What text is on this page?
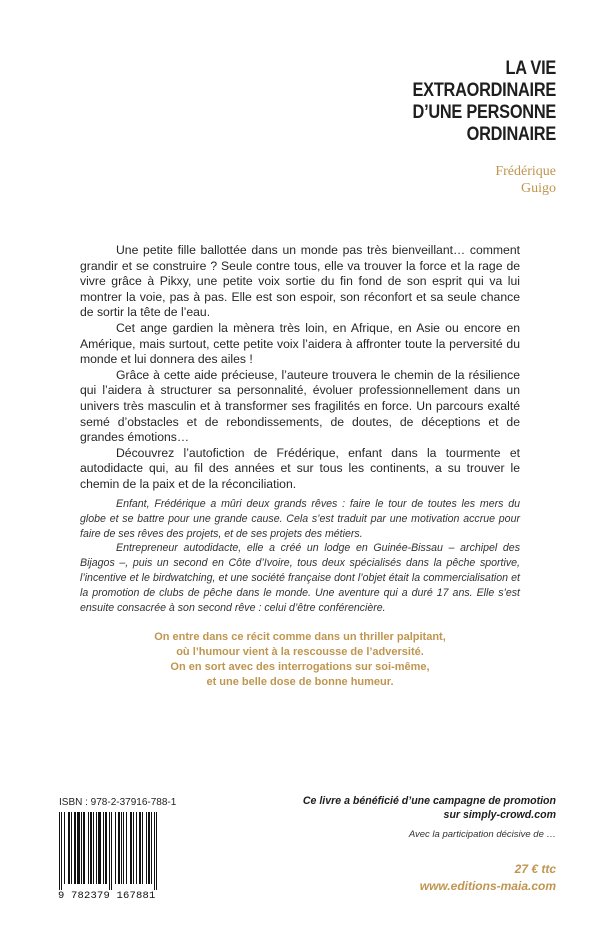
LA VIE
EXTRAORDINAIRE
D’UNE PERSONNE
ORDINAIRE
Frédérique
Guigo

Une petite fille ballottée dans un monde pas très bienveillant… comment grandir et se construire ? Seule contre tous, elle va trouver la force et la rage de vivre grâce à Pikxy, une petite voix sortie du fin fond de son esprit qui va lui montrer la voie, pas à pas. Elle est son espoir, son réconfort et sa seule chance de sortir la tête de l’eau.

Cet ange gardien la mènera très loin, en Afrique, en Asie ou encore en Amérique, mais surtout, cette petite voix l’aidera à affronter toute la perversité du monde et lui donnera des ailes !

Grâce à cette aide précieuse, l’auteure trouvera le chemin de la résilience qui l’aidera à structurer sa personnalité, évoluer professionnellement dans un univers très masculin et à transformer ses fragilités en force. Un parcours exalté semé d’obstacles et de rebondissements, de doutes, de déceptions et de grandes émotions…

Découvrez l’autofiction de Frédérique, enfant dans la tourmente et autodidacte qui, au fil des années et sur tous les continents, a su trouver le chemin de la paix et de la réconciliation.

Enfant, Frédérique a mûri deux grands rêves : faire le tour de toutes les mers du globe et se battre pour une grande cause. Cela s’est traduit par une motivation accrue pour faire de ses rêves des projets, et de ses projets des métiers.

Entrepreneur autodidacte, elle a créé un lodge en Guinée-Bissau – archipel des Bijagos –, puis un second en Côte d’Ivoire, tous deux spécialisés dans la pêche sportive, l’incentive et le birdwatching, et une société française dont l’objet était la commercialisation et la promotion de clubs de pêche dans le monde. Une aventure qui a duré 17 ans. Elle s’est ensuite consacrée à son second rêve : celui d’être conférencière.

On entre dans ce récit comme dans un thriller palpitant,
où l’humour vient à la rescousse de l’adversité.
On en sort avec des interrogations sur soi-même,
et une belle dose de bonne humeur.
ISBN : 978-2-37916-788-1
9 782379 167881
Ce livre a bénéficié d’une campagne de promotion
sur simply-crowd.com
Avec la participation décisive de …
27 € ttc
www.editions-maia.com
